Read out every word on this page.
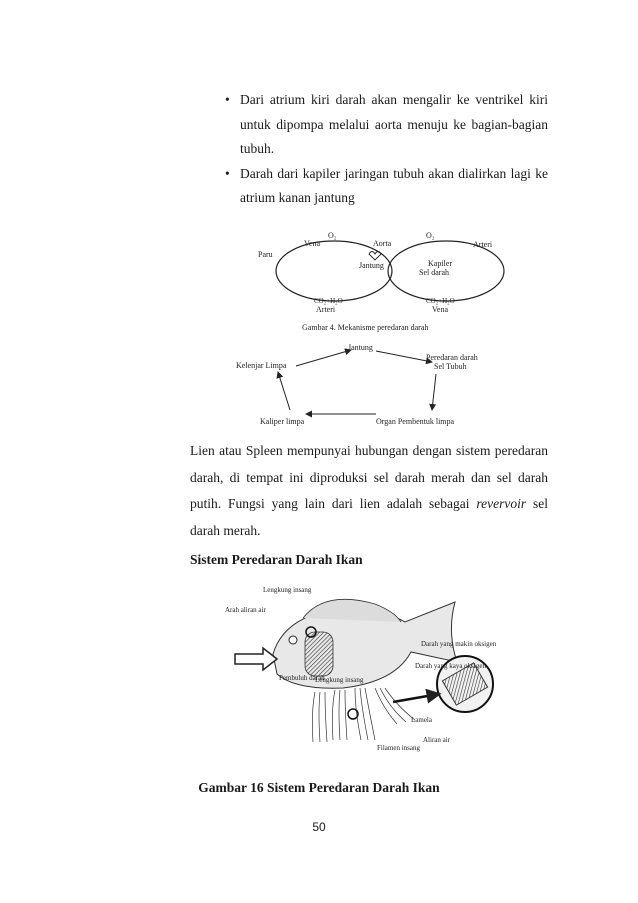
• Dari atrium kiri darah akan mengalir ke ventrikel kiri untuk dipompa melalui aorta menuju ke bagian-bagian tubuh.
• Darah dari kapiler jaringan tubuh akan dialirkan lagi ke atrium kanan jantung
Paru
O₂
Vena	Aorta
O₂
Arteri
Jantung	Kapiler
Sel darah
CO₂+H₂O
Arteri
CO₂+H₂O
Vena
Gambar 4. Mekanisme peredaran darah
Jantung
Kelenjar Limpa
Peredaran darah
Sel Tubuh
Kaliper limpa	Organ Pembentuk limpa
Lien atau Spleen mempunyai hubungan dengan sistem peredaran darah, di tempat ini diproduksi sel darah merah dan sel darah putih. Fungsi yang lain dari lien adalah sebagai revervoir sel darah merah.
Sistem Peredaran Darah Ikan
Lengkung insang
Arah aliran air
Darah yang makin oksigen
Darah yang kaya oksigen
Pembuluh darah
Lengkung insang
Lamela
Aliran air
Filamen insang
Gambar 16 Sistem Peredaran Darah Ikan
50
